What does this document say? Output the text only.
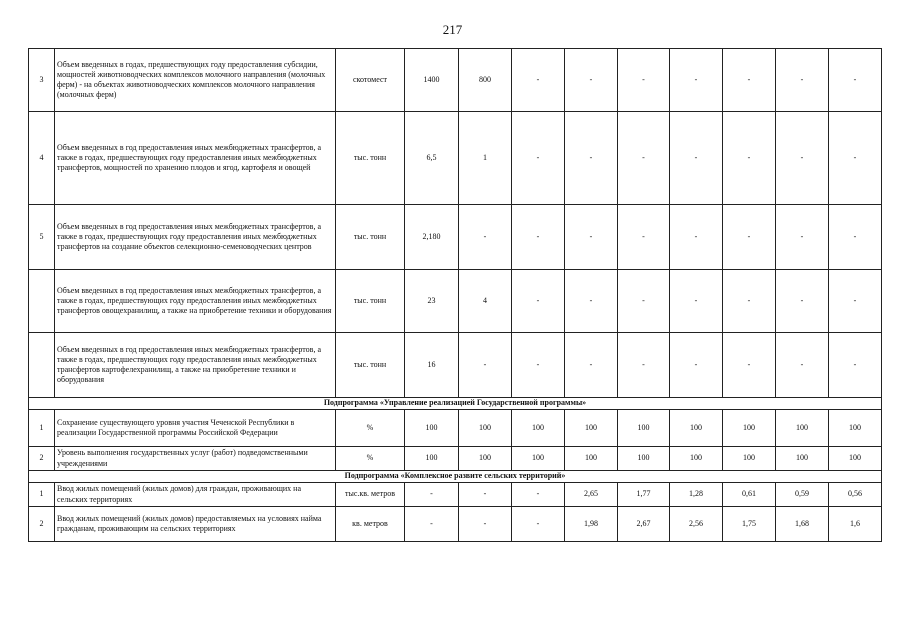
217
3	Объем введенных в годах, предшествующих году предоставления субсидии, мощностей животноводческих комплексов молочного направления (молочных ферм) - на объектах животноводческих комплексов молочного направления (молочных ферм)	скотомест	1400	800	-	-	-	-	-	-	-
4	Объем введенных в год предоставления иных межбюджетных трансфертов, а также в годах, предшествующих году предоставления иных межбюджетных трансфертов, мощностей по хранению плодов и ягод, картофеля и овощей	тыс. тонн	6,5	1	-	-	-	-	-	-	-
5	Объем введенных в год предоставления иных межбюджетных трансфертов, а также в годах, предшествующих году предоставления иных межбюджетных трансфертов на создание объектов селекционно-семеноводческих центров	тыс. тонн	2,180	-	-	-	-	-	-	-	-
	Объем введенных в год предоставления иных межбюджетных трансфертов, а также в годах, предшествующих году предоставления иных межбюджетных трансфертов овощехранилищ, а также на приобретение техники и оборудования	тыс. тонн	23	4	-	-	-	-	-	-	-
	Объем введенных в год предоставления иных межбюджетных трансфертов, а также в годах, предшествующих году предоставления иных межбюджетных трансфертов картофелехранилищ, а также на приобретение техники и оборудования	тыс. тонн	16	-	-	-	-	-	-	-	-
Подпрограмма «Управление реализацией Государственной программы»											
1	Сохранение существующего уровня участия Чеченской Республики в реализации Государственной программы Российской Федерации	%	100	100	100	100	100	100	100	100	100
2	Уровень выполнения государственных услуг (работ) подведомственными учреждениями	%	100	100	100	100	100	100	100	100	100
Подпрограмма «Комплексное развите сельских территорий»											
1	Ввод жилых помещений (жилых домов) для граждан, проживающих на сельских территориях	тыс.кв. метров	-	-	-	2,65	1,77	1,28	0,61	0,59	0,56
2	Ввод жилых помещений (жилых домов) предоставляемых на условиях найма гражданам, проживающим на сельских территориях	кв. метров	-	-	-	1,98	2,67	2,56	1,75	1,68	1,6
